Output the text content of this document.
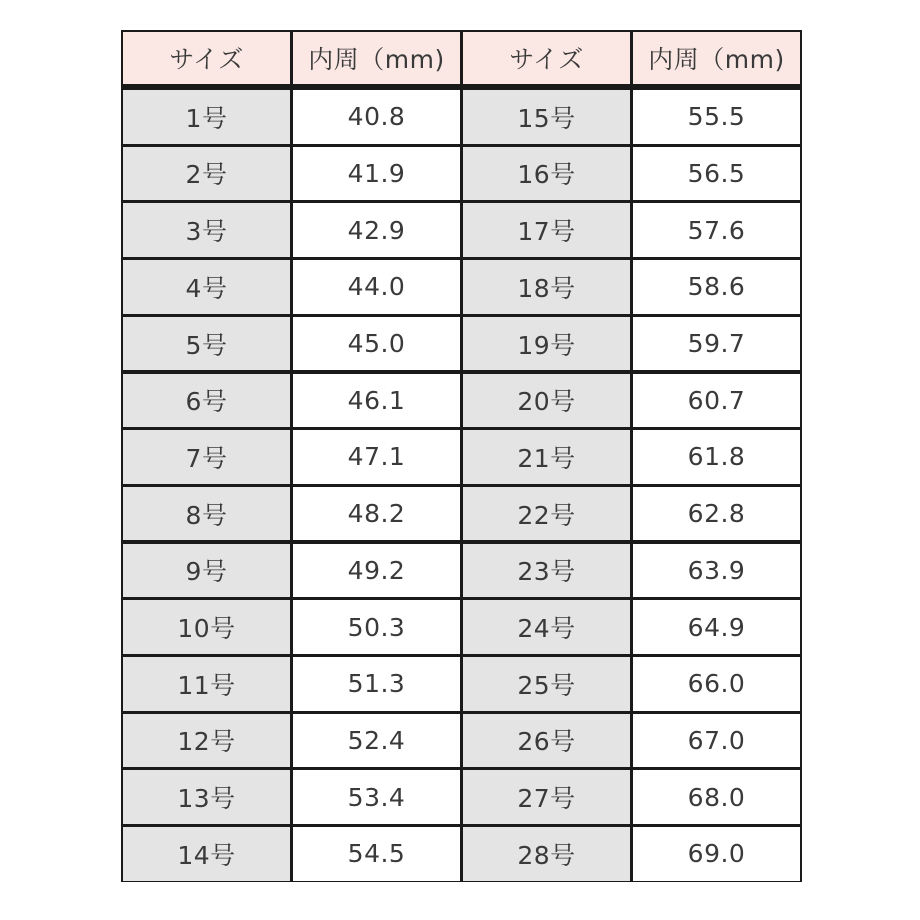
サイズ	内周（mm)	サイズ	内周（mm)
1号	40.8	15号	55.5
2号	41.9	16号	56.5
3号	42.9	17号	57.6
4号	44.0	18号	58.6
5号	45.0	19号	59.7
6号	46.1	20号	60.7
7号	47.1	21号	61.8
8号	48.2	22号	62.8
9号	49.2	23号	63.9
10号	50.3	24号	64.9
11号	51.3	25号	66.0
12号	52.4	26号	67.0
13号	53.4	27号	68.0
14号	54.5	28号	69.0
